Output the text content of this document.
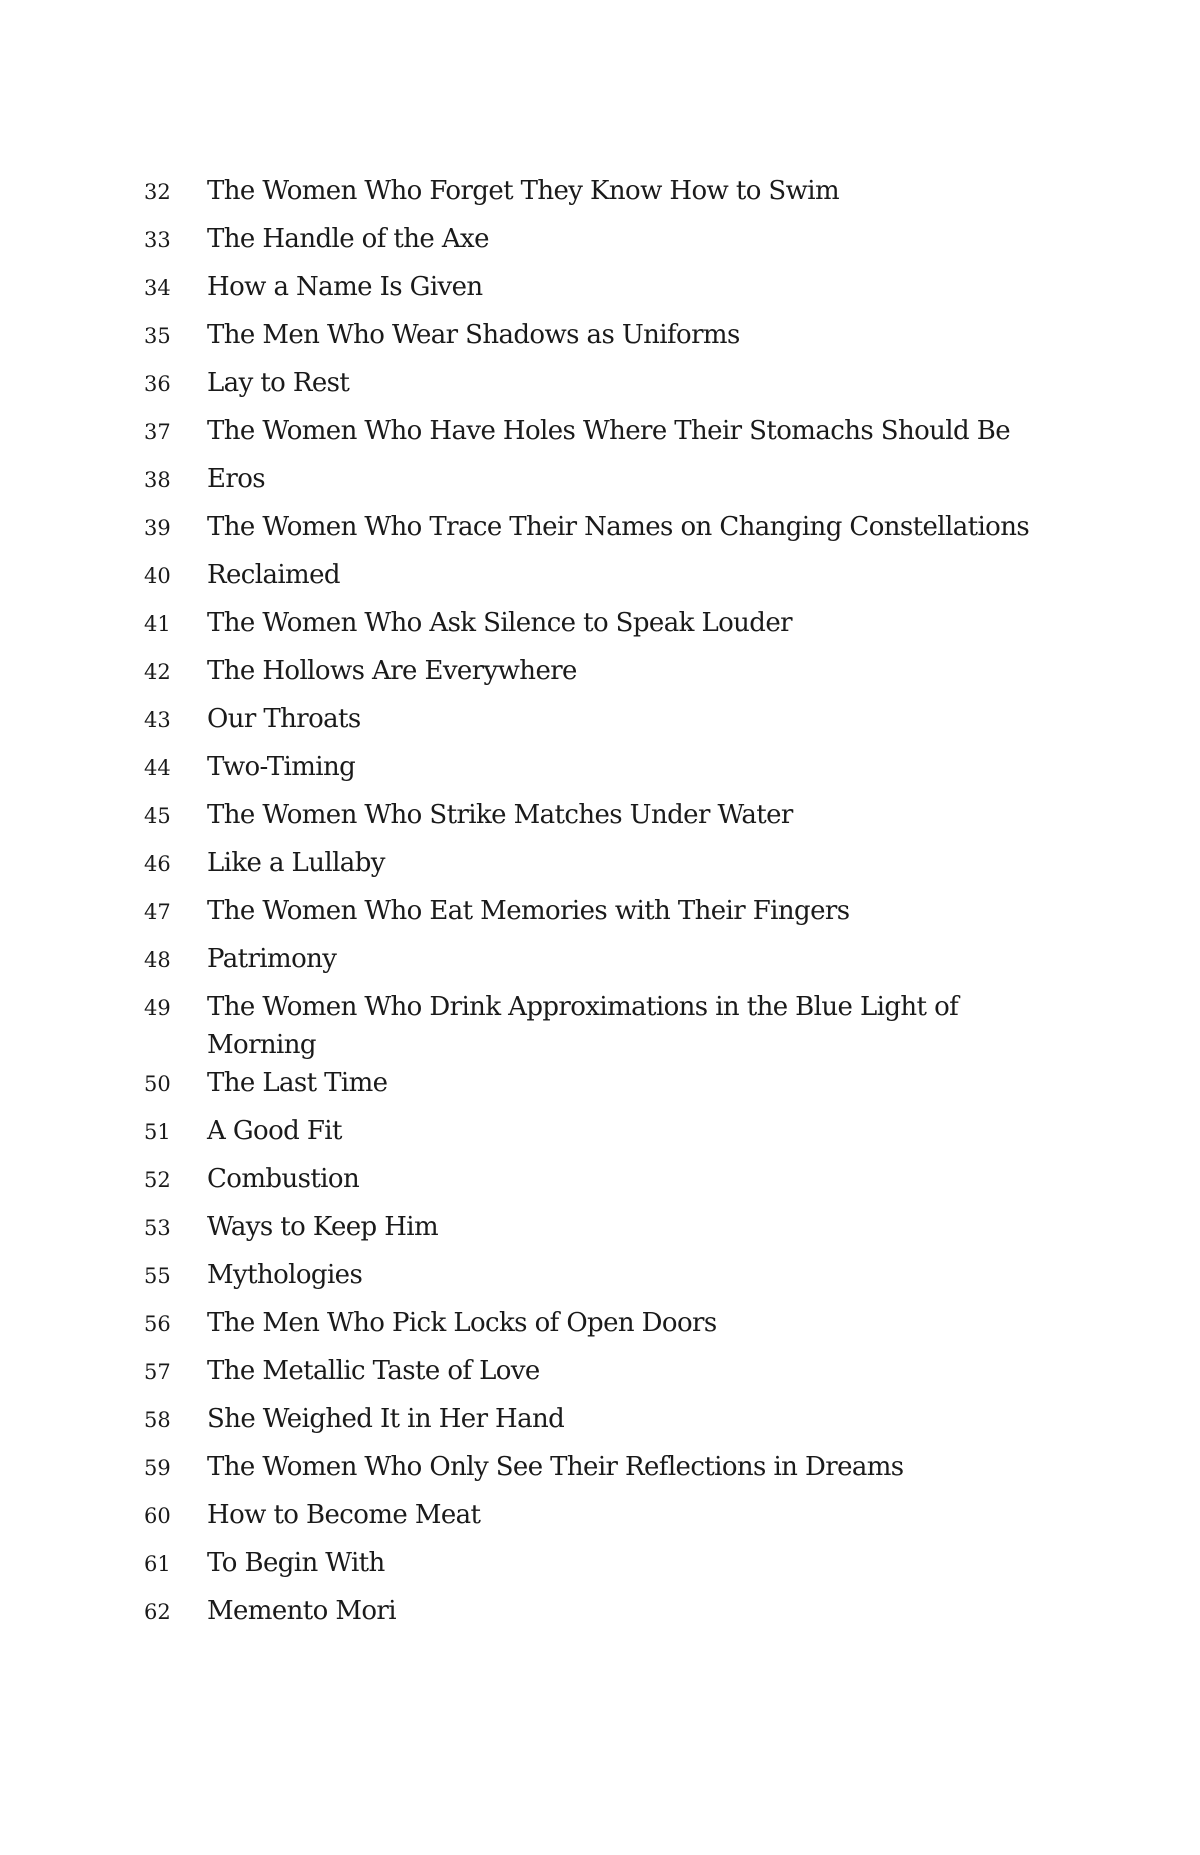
32 The Women Who Forget They Know How to Swim
33 The Handle of the Axe
34 How a Name Is Given
35 The Men Who Wear Shadows as Uniforms
36 Lay to Rest
37 The Women Who Have Holes Where Their Stomachs Should Be
38 Eros
39 The Women Who Trace Their Names on Changing Constellations
40 Reclaimed
41 The Women Who Ask Silence to Speak Louder
42 The Hollows Are Everywhere
43 Our Throats
44 Two-Timing
45 The Women Who Strike Matches Under Water
46 Like a Lullaby
47 The Women Who Eat Memories with Their Fingers
48 Patrimony
49 The Women Who Drink Approximations in the Blue Light of Morning
50 The Last Time
51 A Good Fit
52 Combustion
53 Ways to Keep Him
55 Mythologies
56 The Men Who Pick Locks of Open Doors
57 The Metallic Taste of Love
58 She Weighed It in Her Hand
59 The Women Who Only See Their Reflections in Dreams
60 How to Become Meat
61 To Begin With
62 Memento Mori
